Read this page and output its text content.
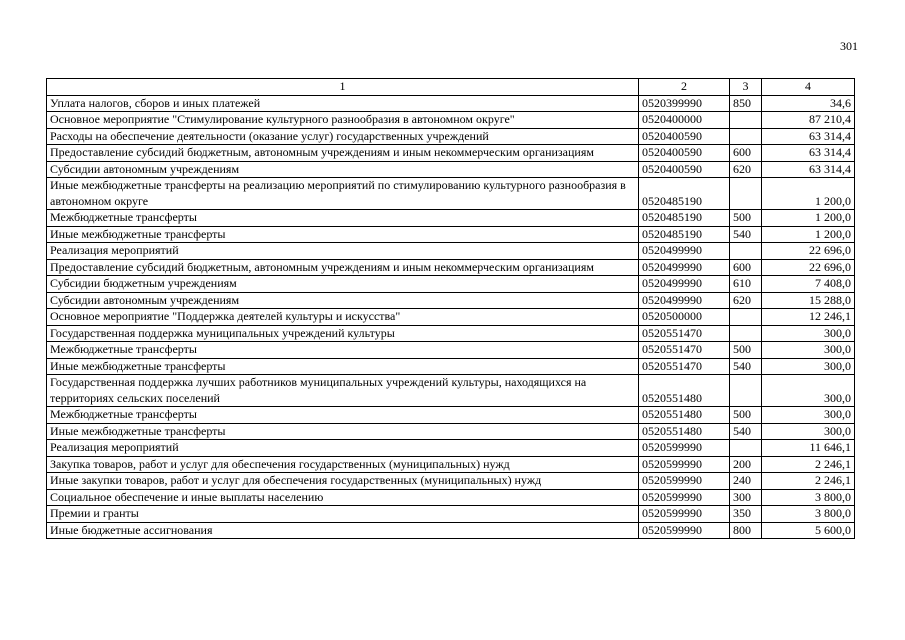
301
1	2	3	4
Уплата налогов, сборов и иных платежей	0520399990	850	34,6
Основное мероприятие "Стимулирование культурного разнообразия в автономном округе"	0520400000		87 210,4
Расходы на обеспечение деятельности (оказание услуг) государственных учреждений	0520400590		63 314,4
Предоставление субсидий бюджетным, автономным учреждениям и иным некоммерческим организациям	0520400590	600	63 314,4
Субсидии автономным учреждениям	0520400590	620	63 314,4
Иные межбюджетные трансферты на реализацию мероприятий по стимулированию культурного разнообразия в автономном округе	0520485190		1 200,0
Межбюджетные трансферты	0520485190	500	1 200,0
Иные межбюджетные трансферты	0520485190	540	1 200,0
Реализация мероприятий	0520499990		22 696,0
Предоставление субсидий бюджетным, автономным учреждениям и иным некоммерческим организациям	0520499990	600	22 696,0
Субсидии бюджетным учреждениям	0520499990	610	7 408,0
Субсидии автономным учреждениям	0520499990	620	15 288,0
Основное мероприятие "Поддержка деятелей культуры и искусства"	0520500000		12 246,1
Государственная поддержка муниципальных учреждений культуры	0520551470		300,0
Межбюджетные трансферты	0520551470	500	300,0
Иные межбюджетные трансферты	0520551470	540	300,0
Государственная поддержка лучших работников муниципальных учреждений культуры, находящихся на территориях сельских поселений	0520551480		300,0
Межбюджетные трансферты	0520551480	500	300,0
Иные межбюджетные трансферты	0520551480	540	300,0
Реализация мероприятий	0520599990		11 646,1
Закупка товаров, работ и услуг для обеспечения государственных (муниципальных) нужд	0520599990	200	2 246,1
Иные закупки товаров, работ и услуг для обеспечения государственных (муниципальных) нужд	0520599990	240	2 246,1
Социальное обеспечение и иные выплаты населению	0520599990	300	3 800,0
Премии и гранты	0520599990	350	3 800,0
Иные бюджетные ассигнования	0520599990	800	5 600,0
